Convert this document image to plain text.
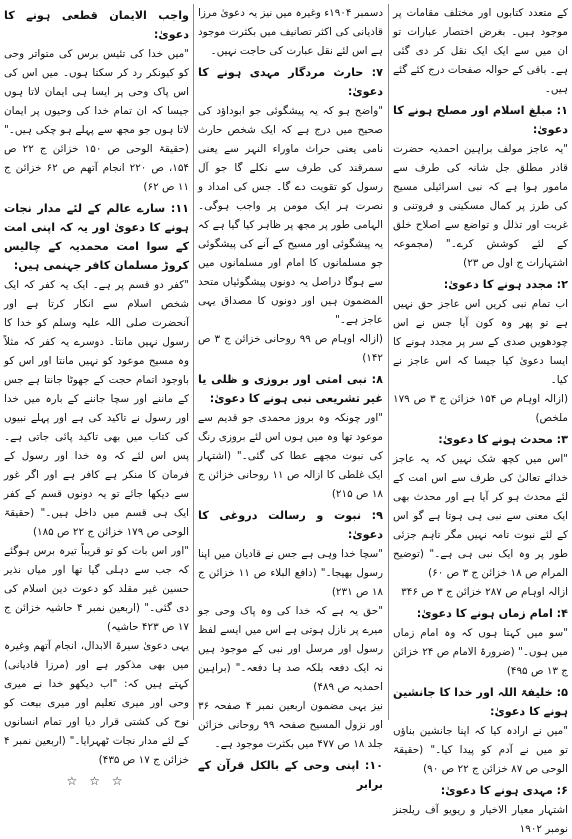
کے متعدد کتابوں اور مختلف مقامات پر موجود ہیں۔ بغرض اختصار عبارات تو ان میں سے ایک ایک نقل کر دی گئی ہے۔ باقی کے حوالہ صفحات درج کئے گئے ہیں۔
۱: مبلغ اسلام اور مصلح ہونے کا دعویٰ:
"یہ عاجز مولف براہین احمدیہ حضرت قادر مطلق جل شانہ کی طرف سے مامور ہوا ہے کہ نبی اسرائیلی مسیح کی طرز پر کمال مسکینی و فروتنی و غربت اور تذلل و تواضع سے اصلاح خلق کے لئے کوشش کرے۔" (مجموعہ اشتہارات ج اول ص ۲۳)
۲: مجدد ہونے کا دعویٰ:
اب تمام نبی کریں اس عاجز حق نہیں ہے تو پھر وہ کون آیا جس نے اس چودھویں صدی کے سر پر مجدد ہونے کا ایسا دعویٰ کیا جیسا کہ اس عاجز نے کیا۔
(ازالہ اوہام ص ۱۵۴ خزائن ج ۳ ص ۱۷۹ ملخص)
۳: محدث ہونے کا دعویٰ:
"اس میں کچھ شک نہیں کہ یہ عاجز خدائے تعالیٰ کی طرف سے اس امت کے لئے محدث ہو کر آیا ہے اور محدث بھی ایک معنی سے نبی ہی ہوتا ہے گو اس کے لئے نبوت تامہ نہیں مگر تاہم جزئی طور پر وہ ایک نبی ہی ہے۔" (توضیح المرام ص ۱۸ خزائن ج ۳ ص ۶۰)
ازالہ اوہام ص ۲۸۷ خزائن ج ۳ ص ۳۴۶
۴: امام زماں ہونے کا دعویٰ:
"سو میں کہتا ہوں کہ وہ امام زماں میں ہوں۔" (ضرورۃ الامام ص ۲۴ خزائن ج ۱۳ ص ۴۹۵)
۵: خلیفۃ اللہ اور خدا کا جانشین ہونے کا دعویٰ:
"میں نے ارادہ کیا کہ اپنا جانشین بناؤں تو میں نے آدم کو پیدا کیا۔" (حقیقۃ الوحی ص ۸۷ خزائن ج ۲۲ ص ۹۰)
۶: مہدی ہونے کا دعویٰ:
اشتہار معیار الاخیار و ریویو آف ریلجنز نومبر ۱۹۰۲
دسمبر ۱۹۰۴ء وغیرہ میں نیز یہ دعویٰ مرزا قادیانی کی اکثر تصانیف میں بکثرت موجود ہے اس لئے نقل عبارت کی حاجت نہیں۔
۷: حارث مردگار مہدی ہونے کا دعویٰ:
"واضح ہو کہ یہ پیشگوئی جو ابوداؤد کی صحیح میں درج ہے کہ ایک شخص حارث نامی یعنی حراث ماوراء النہر سے یعنی سمرقند کی طرف سے نکلے گا جو آل رسول کو تقویت دے گا۔ جس کی امداد و نصرت ہر ایک مومن پر واجب ہوگی۔ الہامی طور پر مجھ پر ظاہر کیا گیا ہے کہ یہ پیشگوئی اور مسیح کے آنے کی پیشگوئی جو مسلمانوں کا امام اور مسلمانوں میں سے ہوگا دراصل یہ دونوں پیشگوئیاں متحد المضمون ہیں اور دونوں کا مصداق یہی عاجز ہے۔"
(ازالہ اوہام ص ۹۹ روحانی خزائن ج ۳ ص ۱۴۲)
۸: نبی امتی اور بروزی و ظلی یا غیر تشریعی نبی ہونے کا دعویٰ:
"اور چونکہ وہ بروز محمدی جو قدیم سے موعود تھا وہ میں ہوں اس لئے بروزی رنگ کی نبوت مجھے عطا کی گئی۔" (اشتہار ایک غلطی کا ازالہ ص ۱۱ روحانی خزائن ج ۱۸ ص ۲۱۵)
۹: نبوت و رسالت دروغی کا دعویٰ:
"سچا خدا وہی ہے جس نے قادیان میں اپنا رسول بھیجا۔" (دافع البلاء ص ۱۱ خزائن ج ۱۸ ص ۲۳۱)
"حق یہ ہے کہ خدا کی وہ پاک وحی جو میرے پر نازل ہوتی ہے اس میں ایسے لفظ رسول اور مرسل اور نبی کے موجود ہیں نہ ایک دفعہ بلکہ صد ہا دفعہ۔" (براہین احمدیہ ص ۴۸۹)
نیز یہی مضمون اربعین نمبر ۴ صفحہ ۳۶ اور نزول المسیح صفحہ ۹۹ روحانی خزائن جلد ۱۸ ص ۴۷۷ میں بکثرت موجود ہے۔
۱۰: اپنی وحی کے بالکل قرآن کے برابر
واجب الایمان قطعی ہونے کا دعویٰ:
"میں خدا کی تئیس برس کی متواتر وحی کو کیونکر رد کر سکتا ہوں۔ میں اس کی اس پاک وحی پر ایسا ہی ایمان لاتا ہوں جیسا کہ ان تمام خدا کی وحیوں پر ایمان لاتا ہوں جو مجھ سے پہلے ہو چکی ہیں۔" (حقیقۃ الوحی ص ۱۵۰ خزائن ج ۲۲ ص ۱۵۴، ص ۲۲۰ انجام آتھم ص ۶۲ خزائن ج ۱۱ ص ۶۲)
۱۱: سارے عالم کے لئے مدار نجات ہونے کا دعویٰ اور یہ کہ اپنی امت کے سوا امت محمدیہ کے چالیس کروڑ مسلمان کافر جہنمی ہیں:
"کفر دو قسم پر ہے۔ ایک یہ کفر کہ ایک شخص اسلام سے انکار کرتا ہے اور آنحضرت صلی اللہ علیہ وسلم کو خدا کا رسول نہیں مانتا۔ دوسرے یہ کفر کہ مثلاً وہ مسیح موعود کو نہیں مانتا اور اس کو باوجود اتمام حجت کے جھوٹا جانتا ہے جس کے ماننے اور سچا جاننے کے بارہ میں خدا اور رسول نے تاکید کی ہے اور پہلے نبیوں کی کتاب میں بھی تاکید پائی جاتی ہے۔ پس اس لئے کہ وہ خدا اور رسول کے فرمان کا منکر ہے کافر ہے اور اگر غور سے دیکھا جائے تو یہ دونوں قسم کے کفر ایک ہی قسم میں داخل ہیں۔" (حقیقۃ الوحی ص ۱۷۹ خزائن ج ۲۲ ص ۱۸۵)
"اور اس بات کو تو قریباً تیرہ برس ہوگئے کہ جب سے دہلی گیا تھا اور میاں نذیر حسین غیر مقلد کو دعوت دین اسلام کی دی گئی۔" (اربعین نمبر ۴ حاشیہ خزائن ج ۱۷ ص ۴۲۳ حاشیہ)
یہی دعویٰ سیرۃ الابدال، انجام آتھم وغیرہ میں بھی مذکور ہے اور (مرزا قادیانی) کہتے ہیں کہ: "اب دیکھو خدا نے میری وحی اور میری تعلیم اور میری بیعت کو نوح کی کشتی قرار دیا اور تمام انسانوں کے لئے مدار نجات ٹھہرایا۔" (اربعین نمبر ۴ خزائن ج ۱۷ ص ۴۳۵)
☆ ☆ ☆
